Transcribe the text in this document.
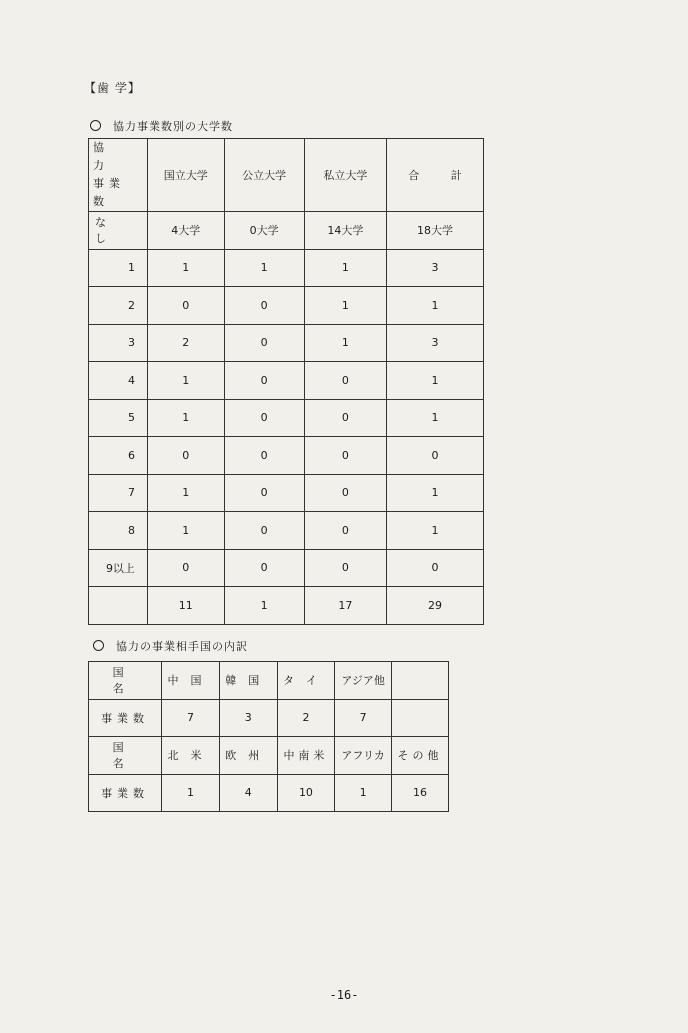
【歯 学】
協力事業数別の大学数
協力
事業数	国立大学	公立大学	私立大学	合 計
なし	4大学	0大学	14大学	18大学
1	1	1	1	3
2	0	0	1	1
3	2	0	1	3
4	1	0	0	1
5	1	0	0	1
6	0	0	0	0
7	1	0	0	1
8	1	0	0	1
9以上	0	0	0	0
	11	1	17	29
協力の事業相手国の内訳
国名	中国	韓国	タイ	アジア他	
事業数	7	3	2	7	
国名	北米	欧州	中南米	アフリカ	その他
事業数	1	4	10	1	16
-16-
